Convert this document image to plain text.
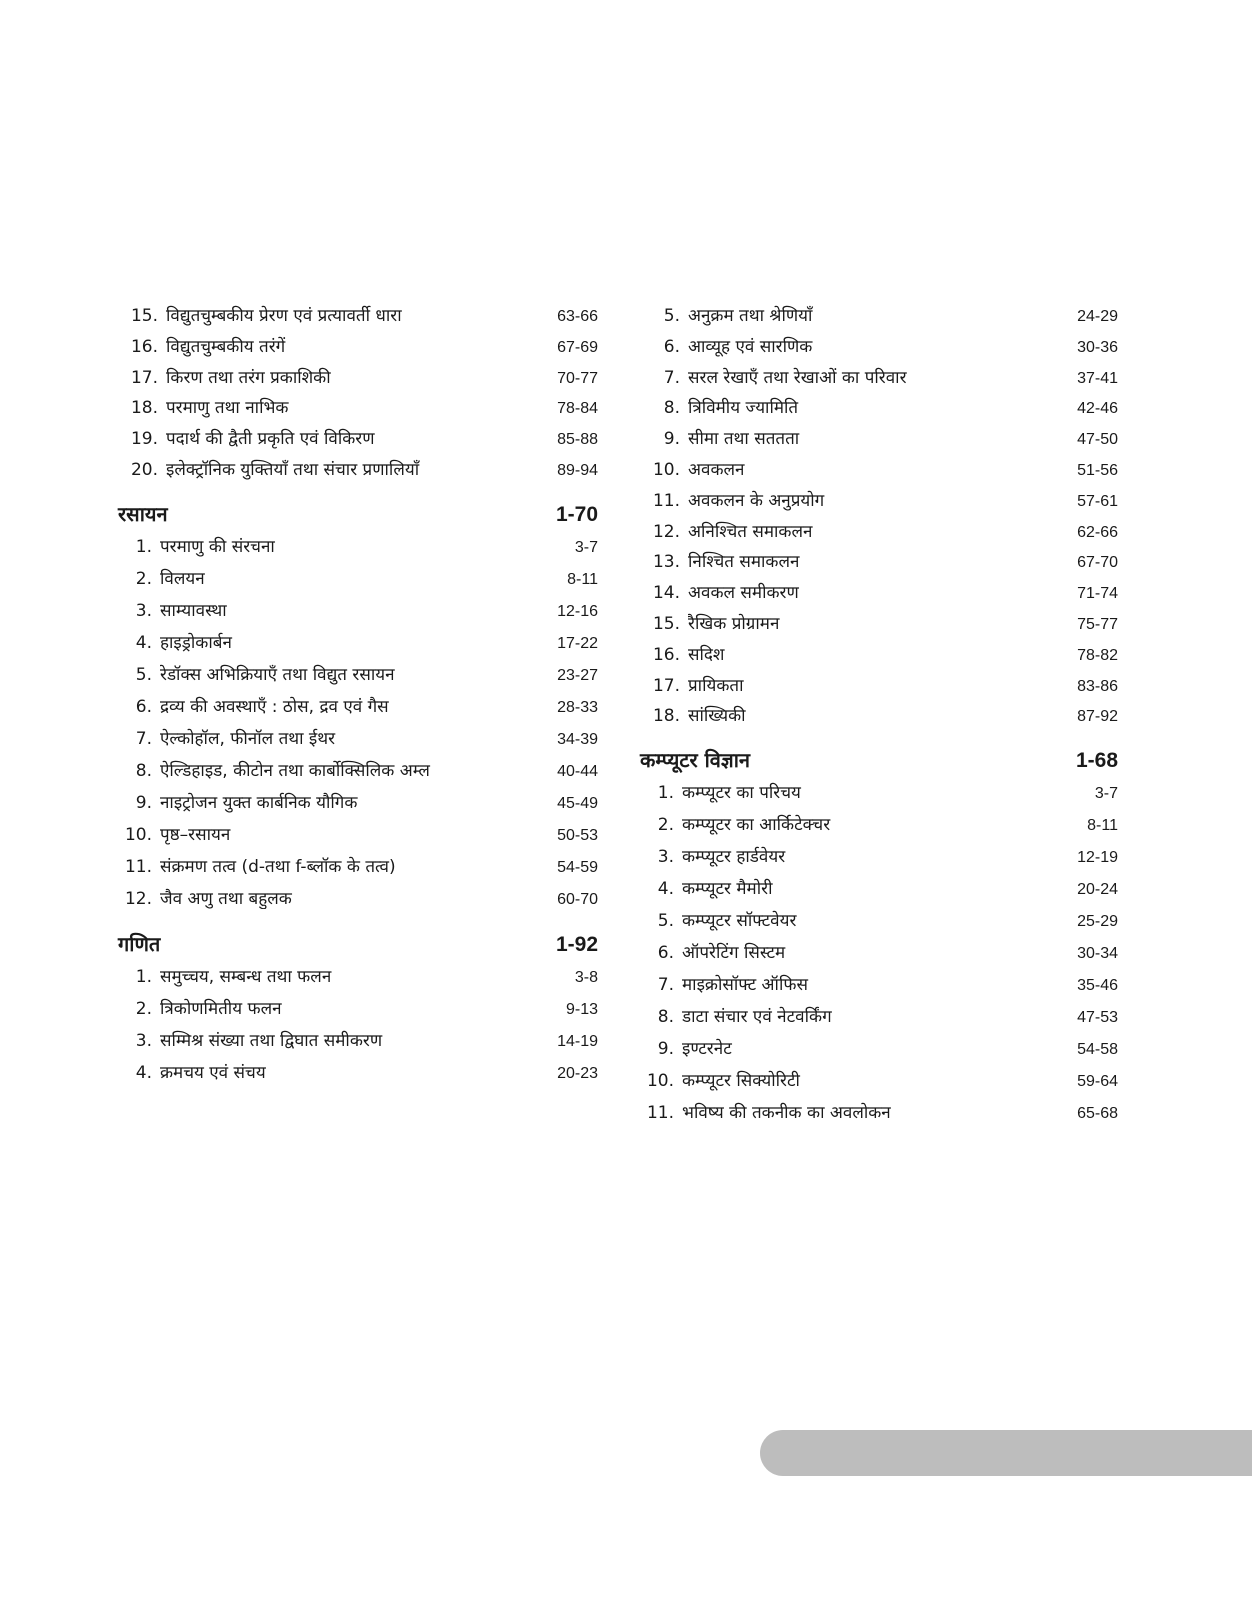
15. विद्युतचुम्बकीय प्रेरण एवं प्रत्यावर्ती धारा	63-66
16. विद्युतचुम्बकीय तरंगें	67-69
17. किरण तथा तरंग प्रकाशिकी	70-77
18. परमाणु तथा नाभिक	78-84
19. पदार्थ की द्वैती प्रकृति एवं विकिरण	85-88
20. इलेक्ट्रॉनिक युक्तियाँ तथा संचार प्रणालियाँ	89-94
रसायन	1-70
1. परमाणु की संरचना	3-7
2. विलयन	8-11
3. साम्यावस्था	12-16
4. हाइड्रोकार्बन	17-22
5. रेडॉक्स अभिक्रियाएँ तथा विद्युत रसायन	23-27
6. द्रव्य की अवस्थाएँ : ठोस, द्रव एवं गैस	28-33
7. ऐल्कोहॉल, फीनॉल तथा ईथर	34-39
8. ऐल्डिहाइड, कीटोन तथा कार्बोक्सिलिक अम्ल	40-44
9. नाइट्रोजन युक्त कार्बनिक यौगिक	45-49
10. पृष्ठ–रसायन	50-53
11. संक्रमण तत्व (d-तथा f-ब्लॉक के तत्व)	54-59
12. जैव अणु तथा बहुलक	60-70
गणित	1-92
1. समुच्चय, सम्बन्ध तथा फलन	3-8
2. त्रिकोणमितीय फलन	9-13
3. सम्मिश्र संख्या तथा द्विघात समीकरण	14-19
4. क्रमचय एवं संचय	20-23
5. अनुक्रम तथा श्रेणियाँ	24-29
6. आव्यूह एवं सारणिक	30-36
7. सरल रेखाएँ तथा रेखाओं का परिवार	37-41
8. त्रिविमीय ज्यामिति	42-46
9. सीमा तथा सततता	47-50
10. अवकलन	51-56
11. अवकलन के अनुप्रयोग	57-61
12. अनिश्चित समाकलन	62-66
13. निश्चित समाकलन	67-70
14. अवकल समीकरण	71-74
15. रैखिक प्रोग्रामन	75-77
16. सदिश	78-82
17. प्रायिकता	83-86
18. सांख्यिकी	87-92
कम्प्यूटर विज्ञान	1-68
1. कम्प्यूटर का परिचय	3-7
2. कम्प्यूटर का आर्किटेक्चर	8-11
3. कम्प्यूटर हार्डवेयर	12-19
4. कम्प्यूटर मैमोरी	20-24
5. कम्प्यूटर सॉफ्टवेयर	25-29
6. ऑपरेटिंग सिस्टम	30-34
7. माइक्रोसॉफ्ट ऑफिस	35-46
8. डाटा संचार एवं नेटवर्किंग	47-53
9. इण्टरनेट	54-58
10. कम्प्यूटर सिक्योरिटी	59-64
11. भविष्य की तकनीक का अवलोकन	65-68
